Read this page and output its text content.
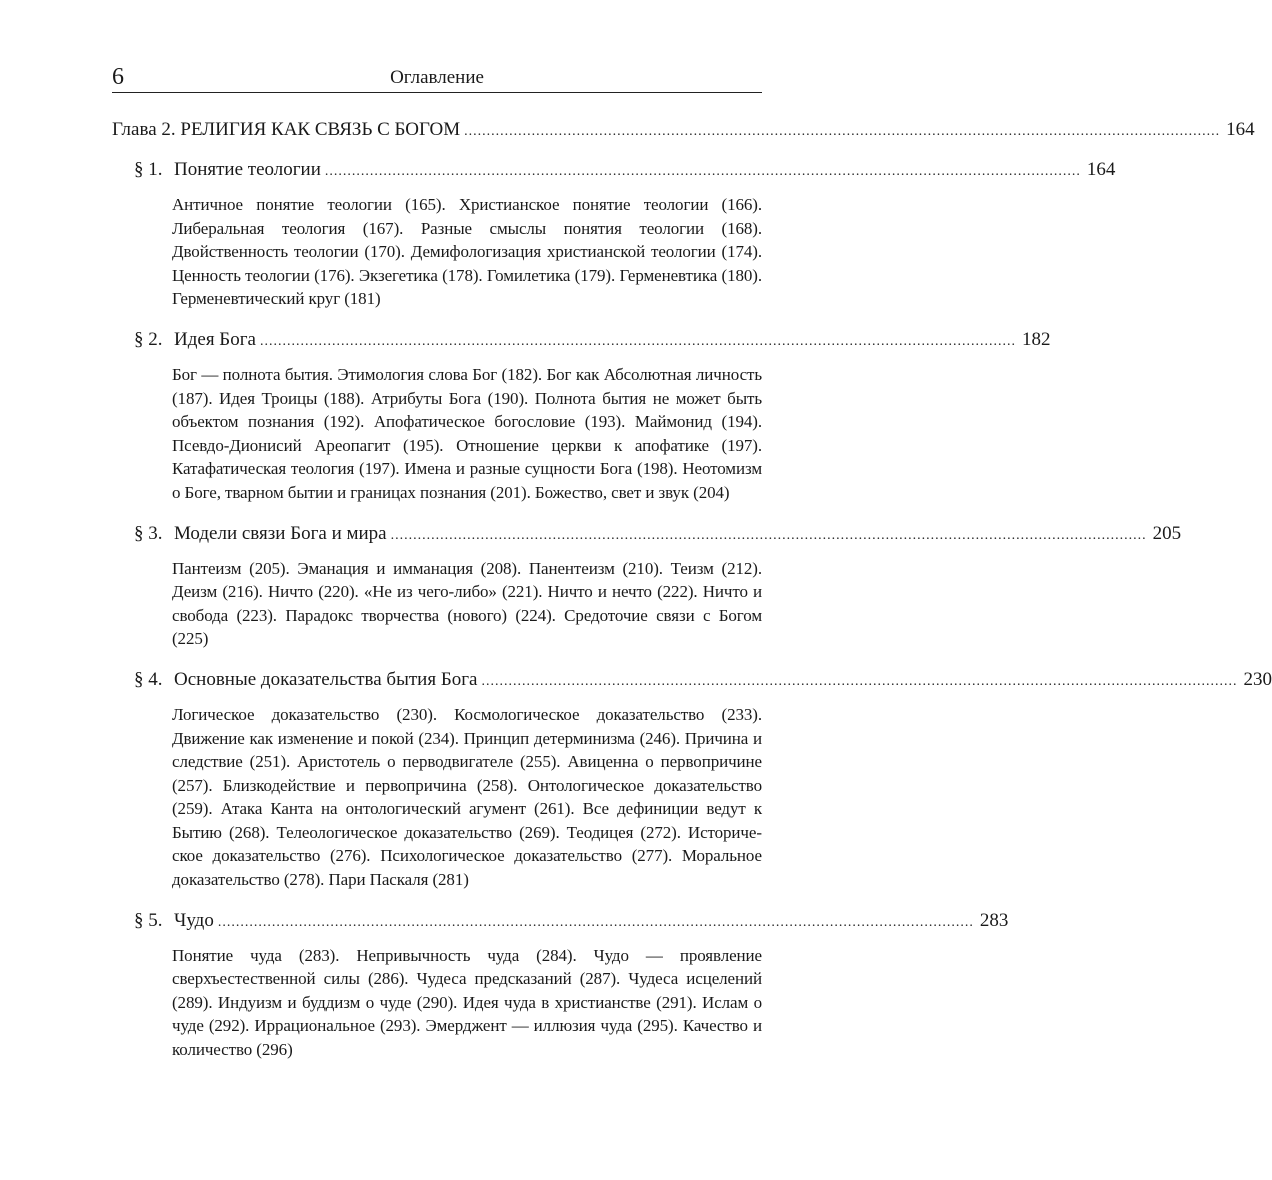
6	Оглавление
Глава 2. РЕЛИГИЯ КАК СВЯЗЬ С БОГОМ ........................................................................................................................................................................ 164
§ 1. Понятие теологии ........................................................................................................................................................................ 164
Античное понятие теологии (165). Христианское понятие теологии (166). Либеральная теология (167). Разные смыслы понятия теологии (168). Двойственность теологии (170). Демифологизация христианской теологии (174). Ценность теологии (176). Экзегетика (178). Гомилетика (179). Герменевтика (180). Герменевтический круг (181)
§ 2. Идея Бога ........................................................................................................................................................................ 182
Бог — полнота бытия. Этимология слова Бог (182). Бог как Абсолютная личность (187). Идея Троицы (188). Атрибуты Бога (190). Полнота бытия не может быть объектом познания (192). Апофатическое богословие (193). Маймонид (194). Псевдо-Дионисий Ареопагит (195). Отношение церкви к апофатике (197). Катафатическая теология (197). Имена и разные сущности Бога (198). Неотомизм о Боге, тварном бытии и границах познания (201). Божество, свет и звук (204)
§ 3. Модели связи Бога и мира ........................................................................................................................................................................ 205
Пантеизм (205). Эманация и имманация (208). Панентеизм (210). Теизм (212). Деизм (216). Ничто (220). «Не из чего-либо» (221). Ничто и нечто (222). Ничто и свобода (223). Парадокс творчества (нового) (224). Средоточие связи с Богом (225)
§ 4. Основные доказательства бытия Бога ........................................................................................................................................................................ 230
Логическое доказательство (230). Космологическое доказательство (233). Движение как изменение и покой (234). Принцип детерминизма (246). Причина и следствие (251). Аристотель о перводвигателе (255). Авиценна о первопричине (257). Близкодействие и первопричина (258). Онтологическое доказательство (259). Атака Канта на онтологический агумент (261). Все дефиниции ведут к Бытию (268). Телеологическое доказательство (269). Теодицея (272). Историческое доказательство (276). Психологическое доказательство (277). Моральное доказательство (278). Пари Паскаля (281)
§ 5. Чудо ........................................................................................................................................................................ 283
Понятие чуда (283). Непривычность чуда (284). Чудо — проявление сверхъестественной силы (286). Чудеса предсказаний (287). Чудеса исцелений (289). Индуизм и буддизм о чуде (290). Идея чуда в христианстве (291). Ислам о чуде (292). Иррациональное (293). Эмерджент — иллюзия чуда (295). Качество и количество (296)
